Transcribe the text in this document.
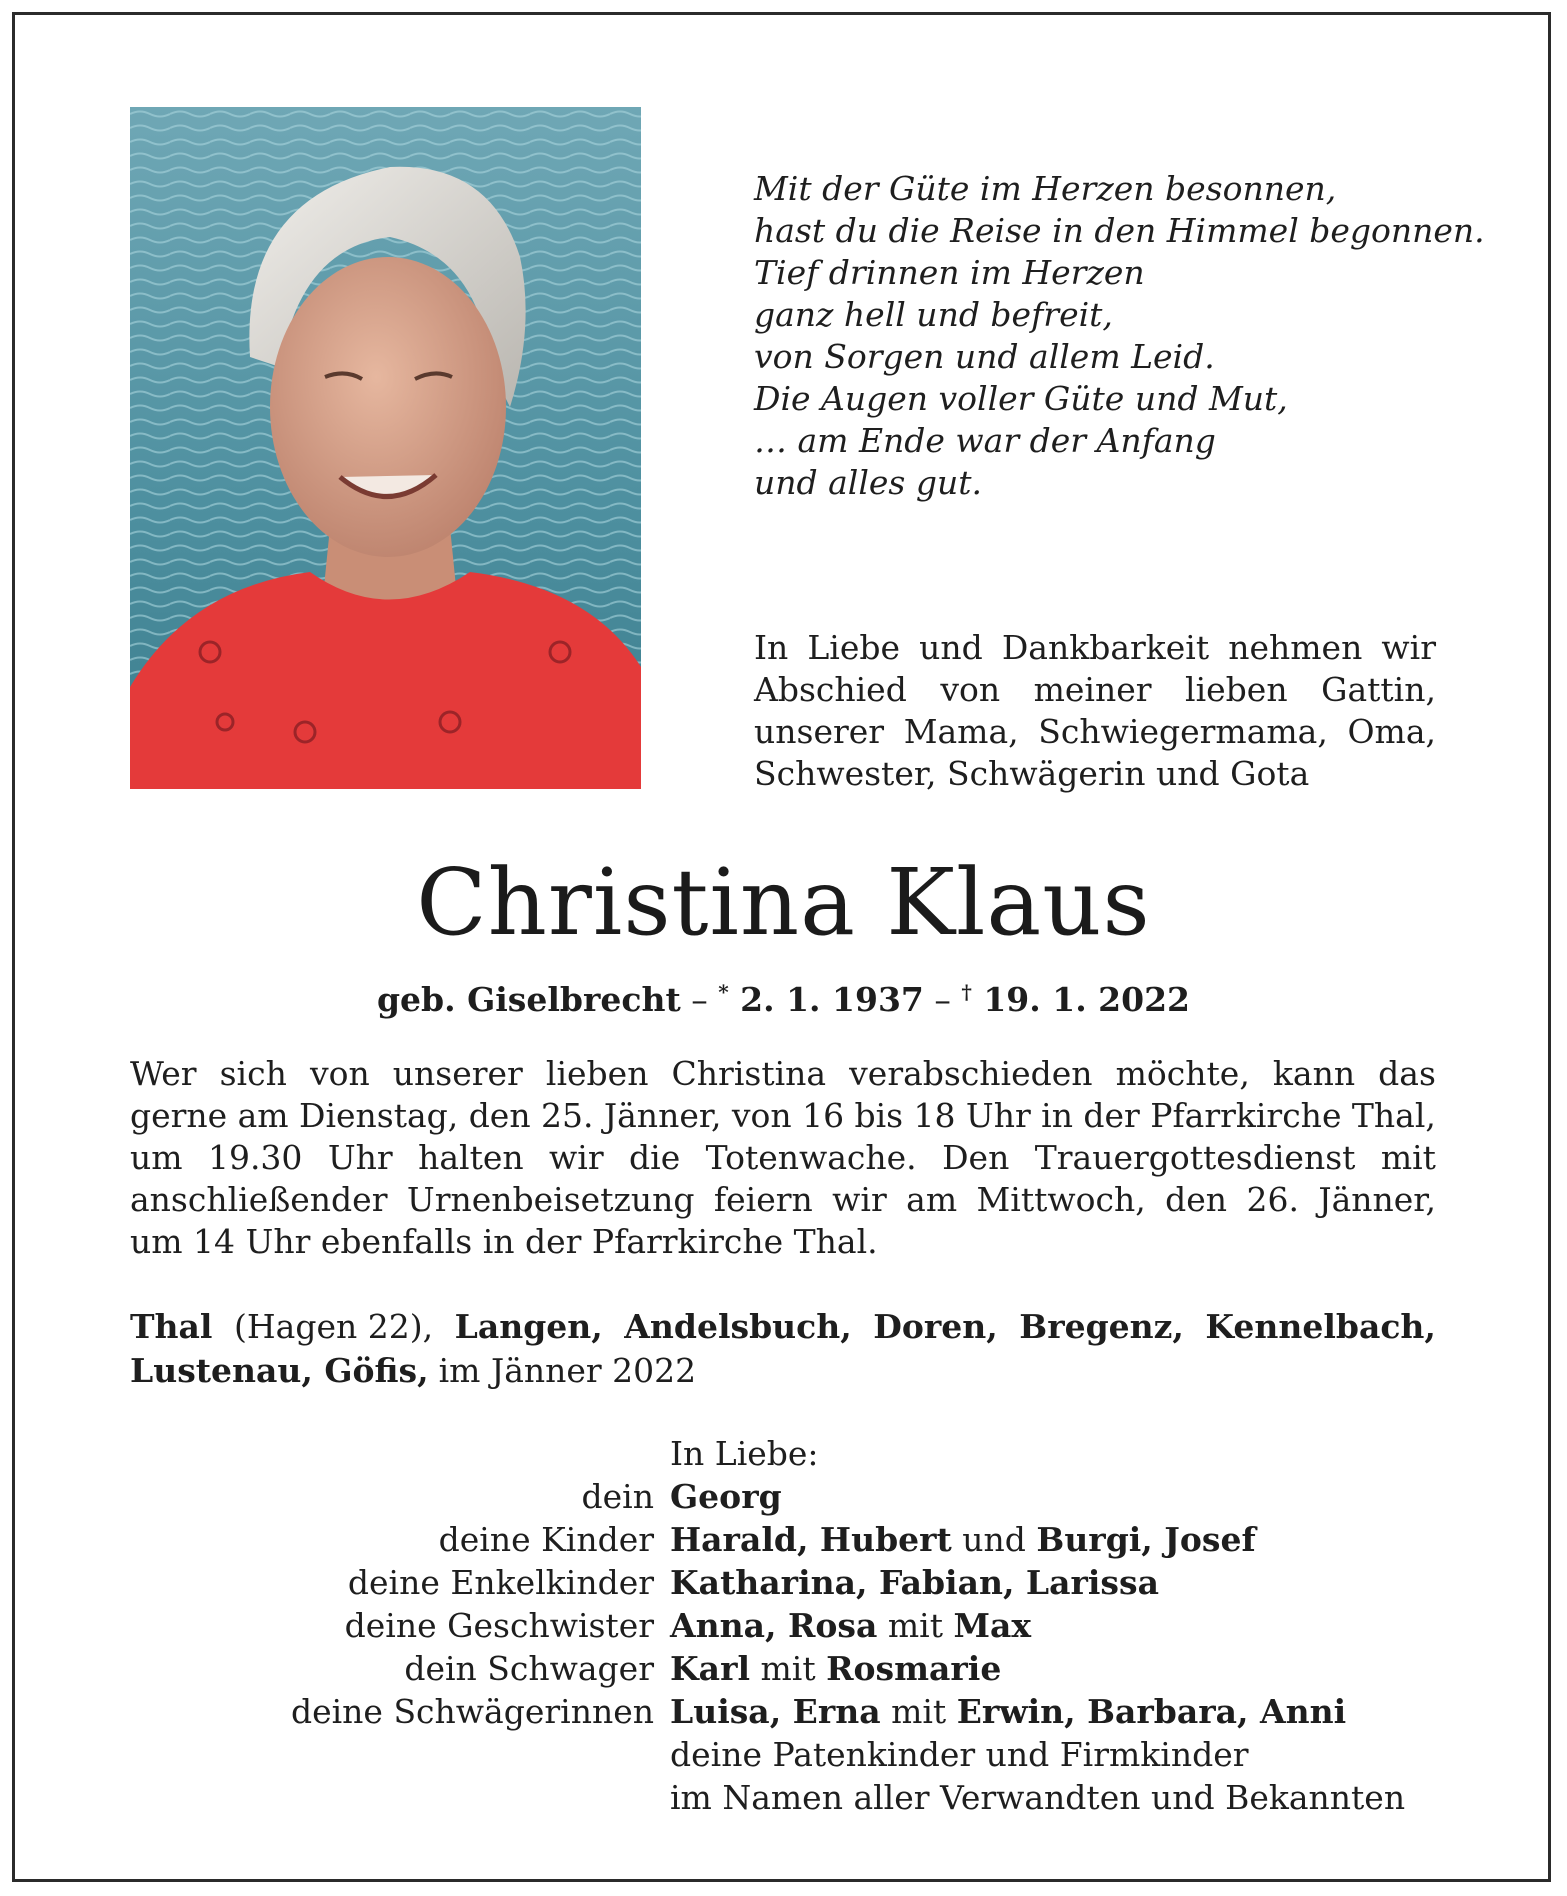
Mit der Güte im Herzen besonnen,
hast du die Reise in den Himmel begonnen.
Tief drinnen im Herzen
ganz hell und befreit,
von Sorgen und allem Leid.
Die Augen voller Güte und Mut,
… am Ende war der Anfang
und alles gut.
In Liebe und Dankbarkeit nehmen wir
Abschied von meiner lieben Gattin,
unserer Mama, Schwiegermama, Oma,
Schwester, Schwägerin und Gota
Christina Klaus
geb. Giselbrecht – * 2. 1. 1937 – † 19. 1. 2022
Wer sich von unserer lieben Christina verabschieden möchte, kann das
gerne am Dienstag, den 25. Jänner, von 16 bis 18 Uhr in der Pfarrkirche Thal,
um 19.30 Uhr halten wir die Totenwache. Den Trauergottesdienst mit
anschließender Urnenbeisetzung feiern wir am Mittwoch, den 26. Jänner,
um 14 Uhr ebenfalls in der Pfarrkirche Thal.
Thal (Hagen 22), Langen, Andelsbuch, Doren, Bregenz, Kennelbach,
Lustenau, Göfis, im Jänner 2022
In Liebe:
dein Georg
deine Kinder Harald, Hubert und Burgi, Josef
deine Enkelkinder Katharina, Fabian, Larissa
deine Geschwister Anna, Rosa mit Max
dein Schwager Karl mit Rosmarie
deine Schwägerinnen Luisa, Erna mit Erwin, Barbara, Anni
deine Patenkinder und Firmkinder
im Namen aller Verwandten und Bekannten
